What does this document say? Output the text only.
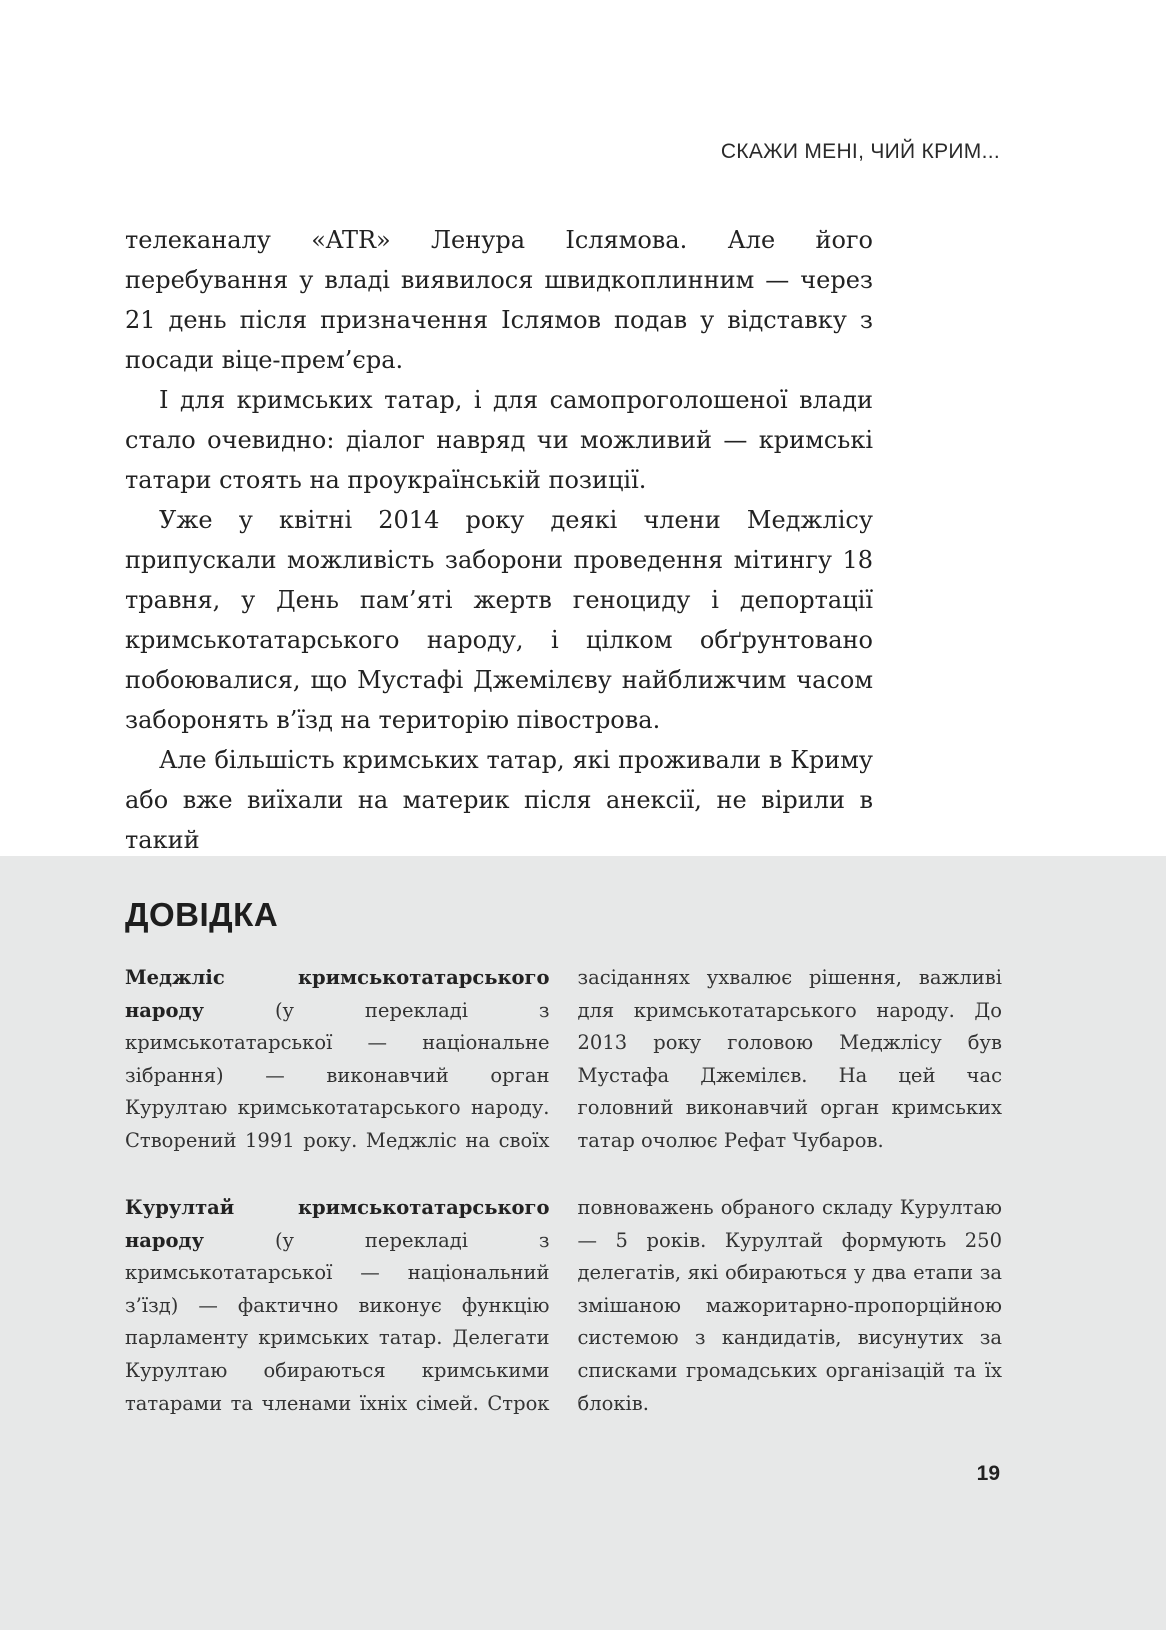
СКАЖИ МЕНІ, ЧИЙ КРИМ...

телеканалу «ATR» Ленура Іслямова. Але його перебування у владі виявилося швидкоплинним — через 21 день після призначення Іслямов подав у відставку з посади віце-прем’єра.

І для кримських татар, і для самопроголошеної влади стало очевидно: діалог навряд чи можливий — кримські татари стоять на проукраїнській позиції.

Уже у квітні 2014 року деякі члени Меджлісу припускали можливість заборони проведення мітингу 18 травня, у День пам’яті жертв геноциду і депортації кримськотатарського народу, і цілком обґрунтовано побоювалися, що Мустафі Джемілєву найближчим часом заборонять в’їзд на територію півострова.

Але більшість кримських татар, які проживали в Криму або вже виїхали на материк після анексії, не вірили в такий

ДОВІДКА

Меджліс кримськотатарського народу (у перекладі з кримськотатарської — національне зібрання) — виконавчий орган Курултаю кримськотатарського народу. Створений 1991 року. Меджліс на своїх засіданнях ухвалює рішення, важливі для кримськотатарського народу. До 2013 року головою Меджлісу був Мустафа Джемілєв. На цей час головний виконавчий орган кримських татар очолює Рефат Чубаров.

Курултай кримськотатарського народу (у перекладі з кримськотатарської — національний з’їзд) — фактично виконує функцію парламенту кримських татар. Делегати Курултаю обираються кримськими татарами та членами їхніх сімей. Строк повноважень обраного складу Курултаю — 5 років. Курултай формують 250 делегатів, які обираються у два етапи за змішаною мажоритарно-пропорційною системою з кандидатів, висунутих за списками громадських організацій та їх блоків.

19
